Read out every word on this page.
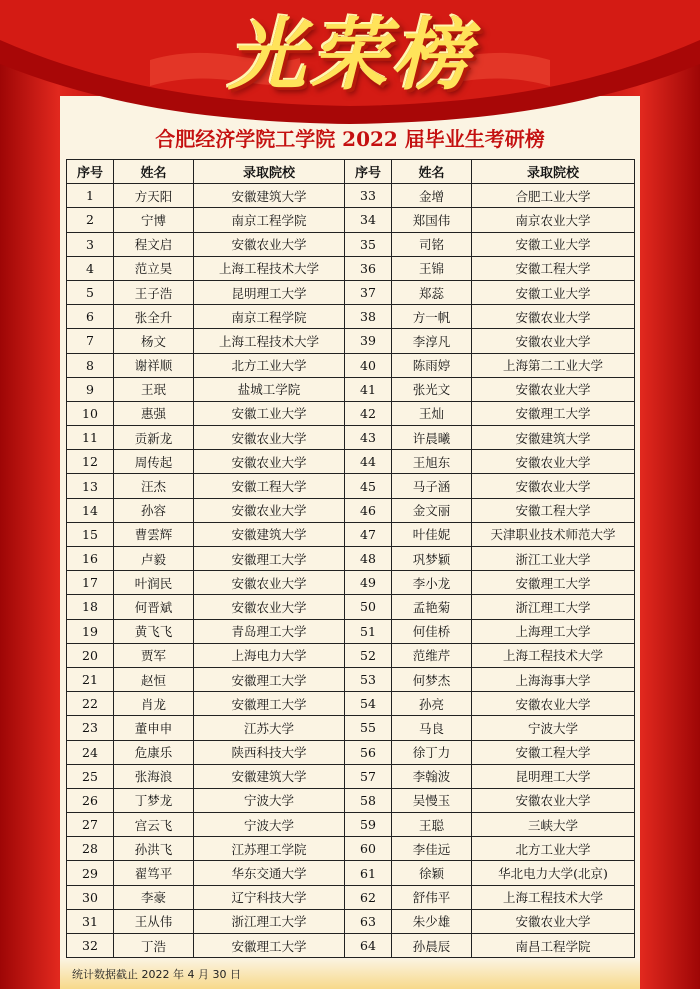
光荣榜
合肥经济学院工学院 2022 届毕业生考研榜
序号	姓名	录取院校	序号	姓名	录取院校
1	方天阳	安徽建筑大学	33	金增	合肥工业大学
2	宁博	南京工程学院	34	郑国伟	南京农业大学
3	程文启	安徽农业大学	35	司铭	安徽工业大学
4	范立昊	上海工程技术大学	36	王锦	安徽工程大学
5	王子浩	昆明理工大学	37	郑蕊	安徽工业大学
6	张全升	南京工程学院	38	方一帆	安徽农业大学
7	杨文	上海工程技术大学	39	李淳凡	安徽农业大学
8	谢祥顺	北方工业大学	40	陈雨婷	上海第二工业大学
9	王珉	盐城工学院	41	张光文	安徽农业大学
10	惠强	安徽工业大学	42	王灿	安徽理工大学
11	贡新龙	安徽农业大学	43	许晨曦	安徽建筑大学
12	周传起	安徽农业大学	44	王旭东	安徽农业大学
13	汪杰	安徽工程大学	45	马子涵	安徽农业大学
14	孙容	安徽农业大学	46	金文丽	安徽工程大学
15	曹雲辉	安徽建筑大学	47	叶佳妮	天津职业技术师范大学
16	卢毅	安徽理工大学	48	巩梦颖	浙江工业大学
17	叶润民	安徽农业大学	49	李小龙	安徽理工大学
18	何晋斌	安徽农业大学	50	孟艳菊	浙江理工大学
19	黄飞飞	青岛理工大学	51	何佳桥	上海理工大学
20	贾军	上海电力大学	52	范维芹	上海工程技术大学
21	赵恒	安徽理工大学	53	何梦杰	上海海事大学
22	肖龙	安徽理工大学	54	孙亮	安徽农业大学
23	董申申	江苏大学	55	马良	宁波大学
24	危康乐	陕西科技大学	56	徐丁力	安徽工程大学
25	张海浪	安徽建筑大学	57	李翰波	昆明理工大学
26	丁梦龙	宁波大学	58	吴慢玉	安徽农业大学
27	宫云飞	宁波大学	59	王聪	三峡大学
28	孙洪飞	江苏理工学院	60	李佳远	北方工业大学
29	翟笃平	华东交通大学	61	徐颖	华北电力大学(北京)
30	李豪	辽宁科技大学	62	舒伟平	上海工程技术大学
31	王从伟	浙江理工大学	63	朱少雄	安徽农业大学
32	丁浩	安徽理工大学	64	孙晨辰	南昌工程学院
统计数据截止 2022 年 4 月 30 日
